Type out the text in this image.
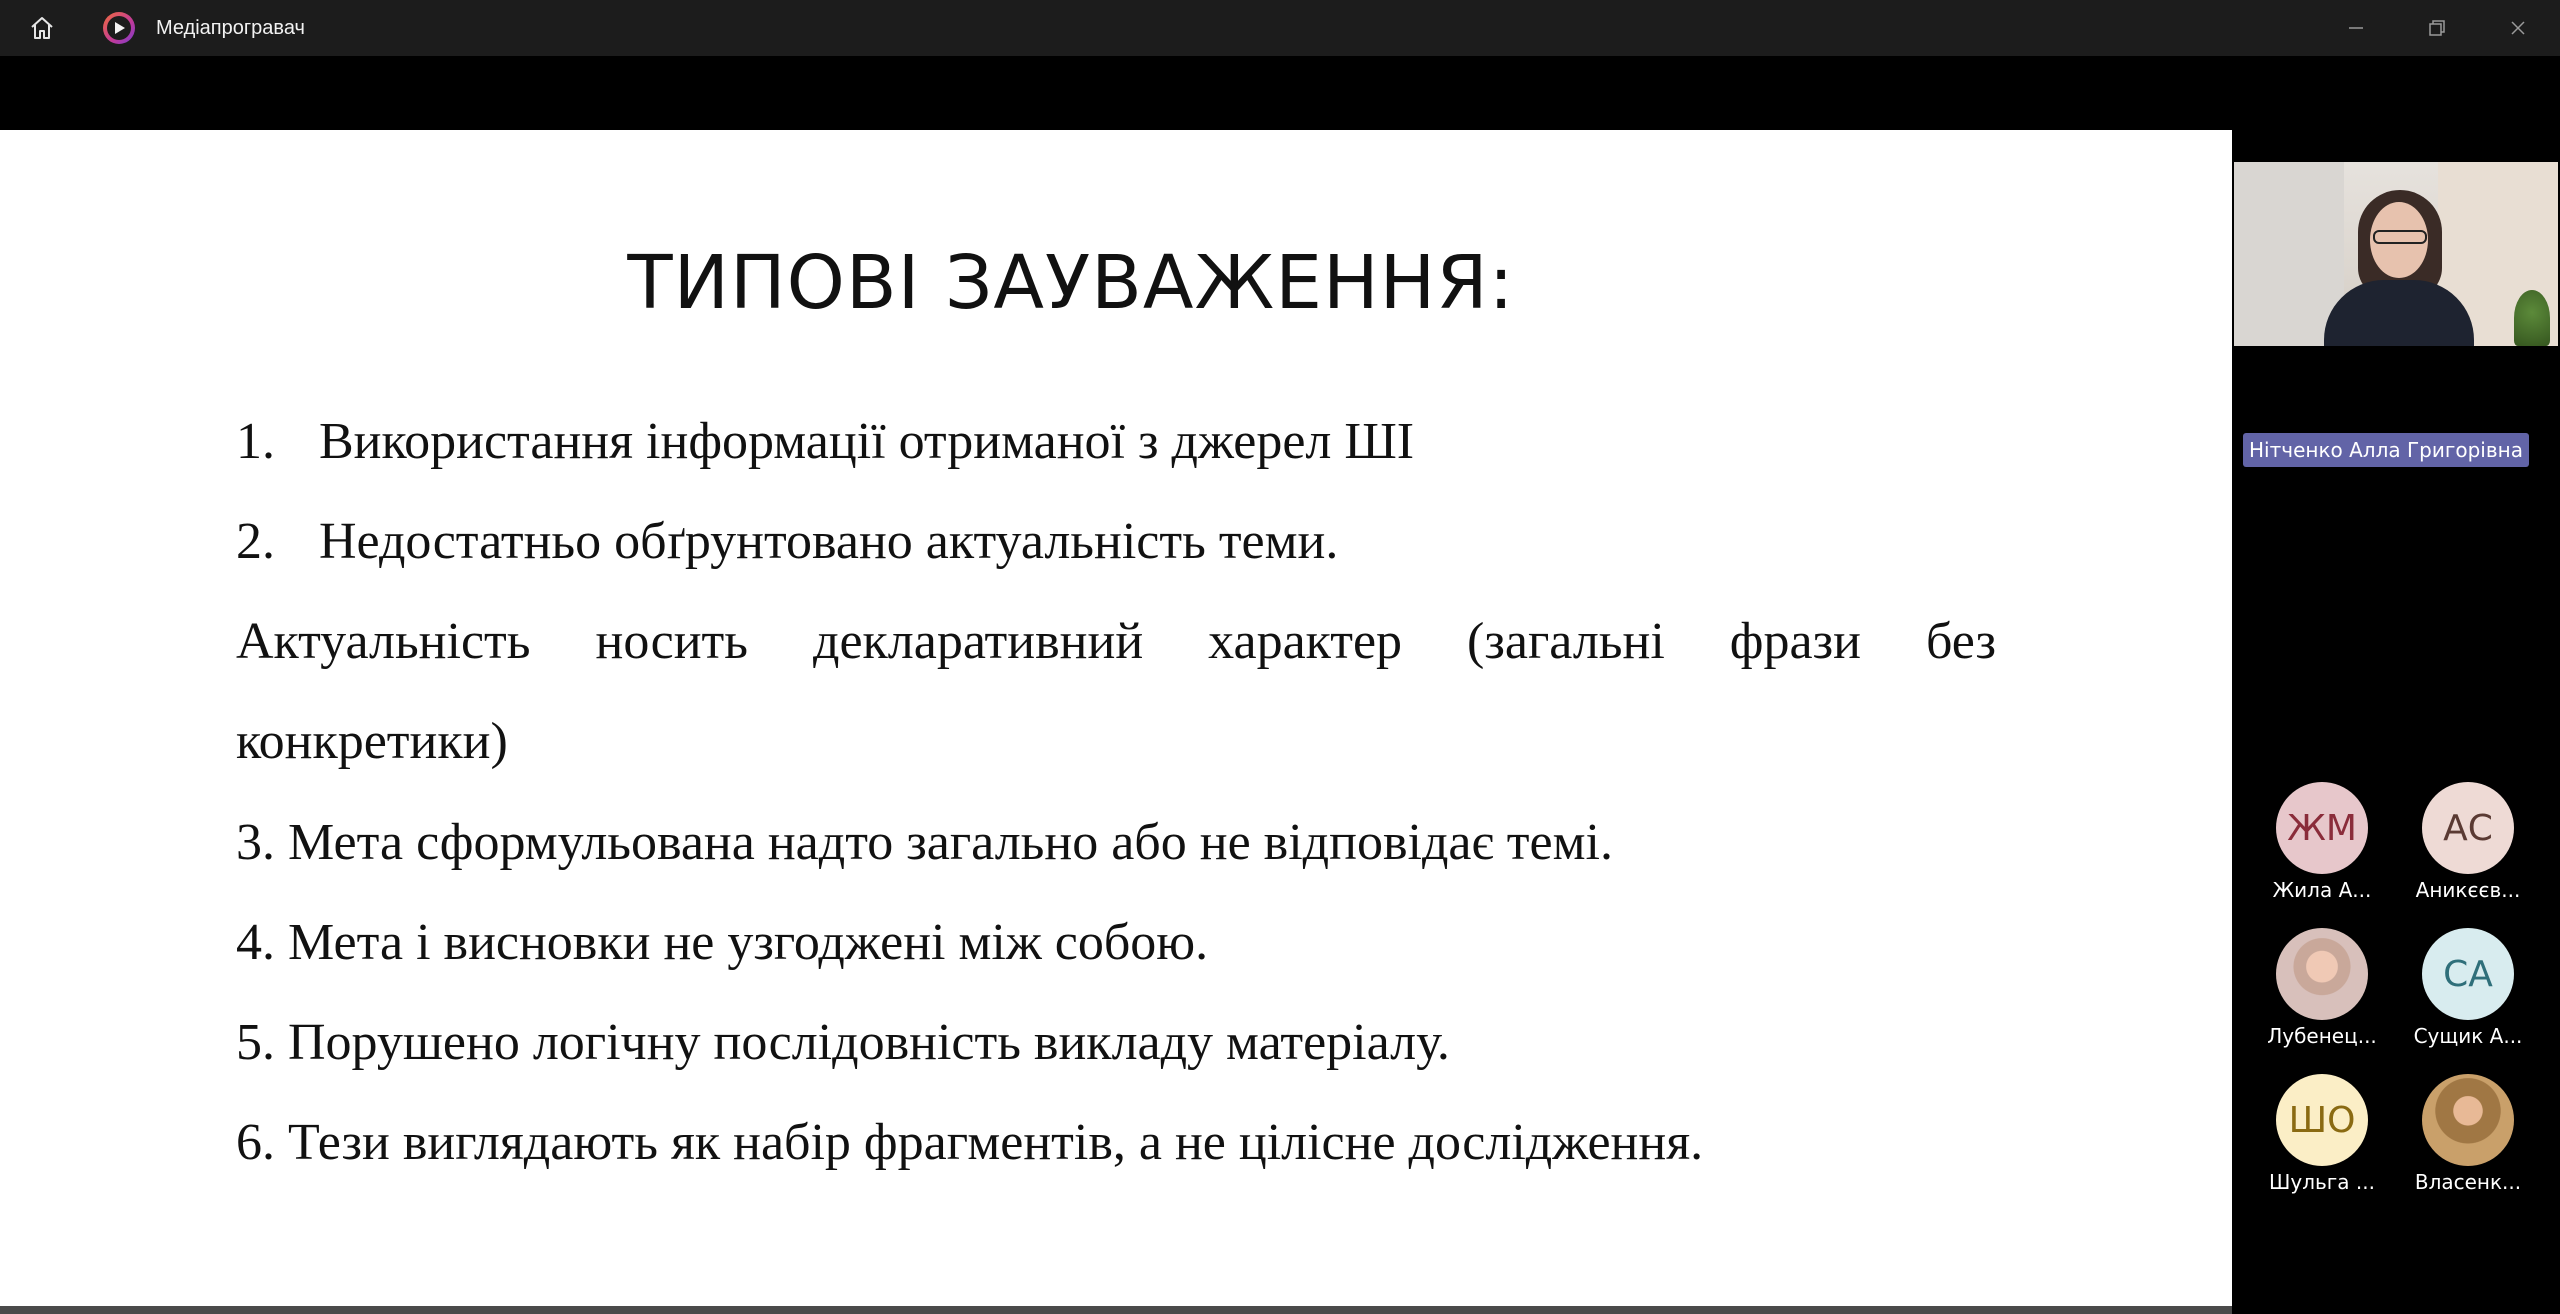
Медіапрогравач
ТИПОВІ ЗАУВАЖЕННЯ:
1. Використання інформації отриманої з джерел ШІ
2. Недостатньо обґрунтовано актуальність теми.
Актуальність носить декларативний характер (загальні фрази без
конкретики)
3. Мета сформульована надто загально або не відповідає темі.
4. Мета і висновки не узгоджені між собою.
5. Порушено логічну послідовність викладу матеріалу.
6. Тези виглядають як набір фрагментів, а не цілісне дослідження.
Нітченко Алла Григорівна
ЖМ
Жила А...
АС
Аникєєв...
Лубенец...
СА
Сущик А...
ШО
Шульга ...	Власенк...
